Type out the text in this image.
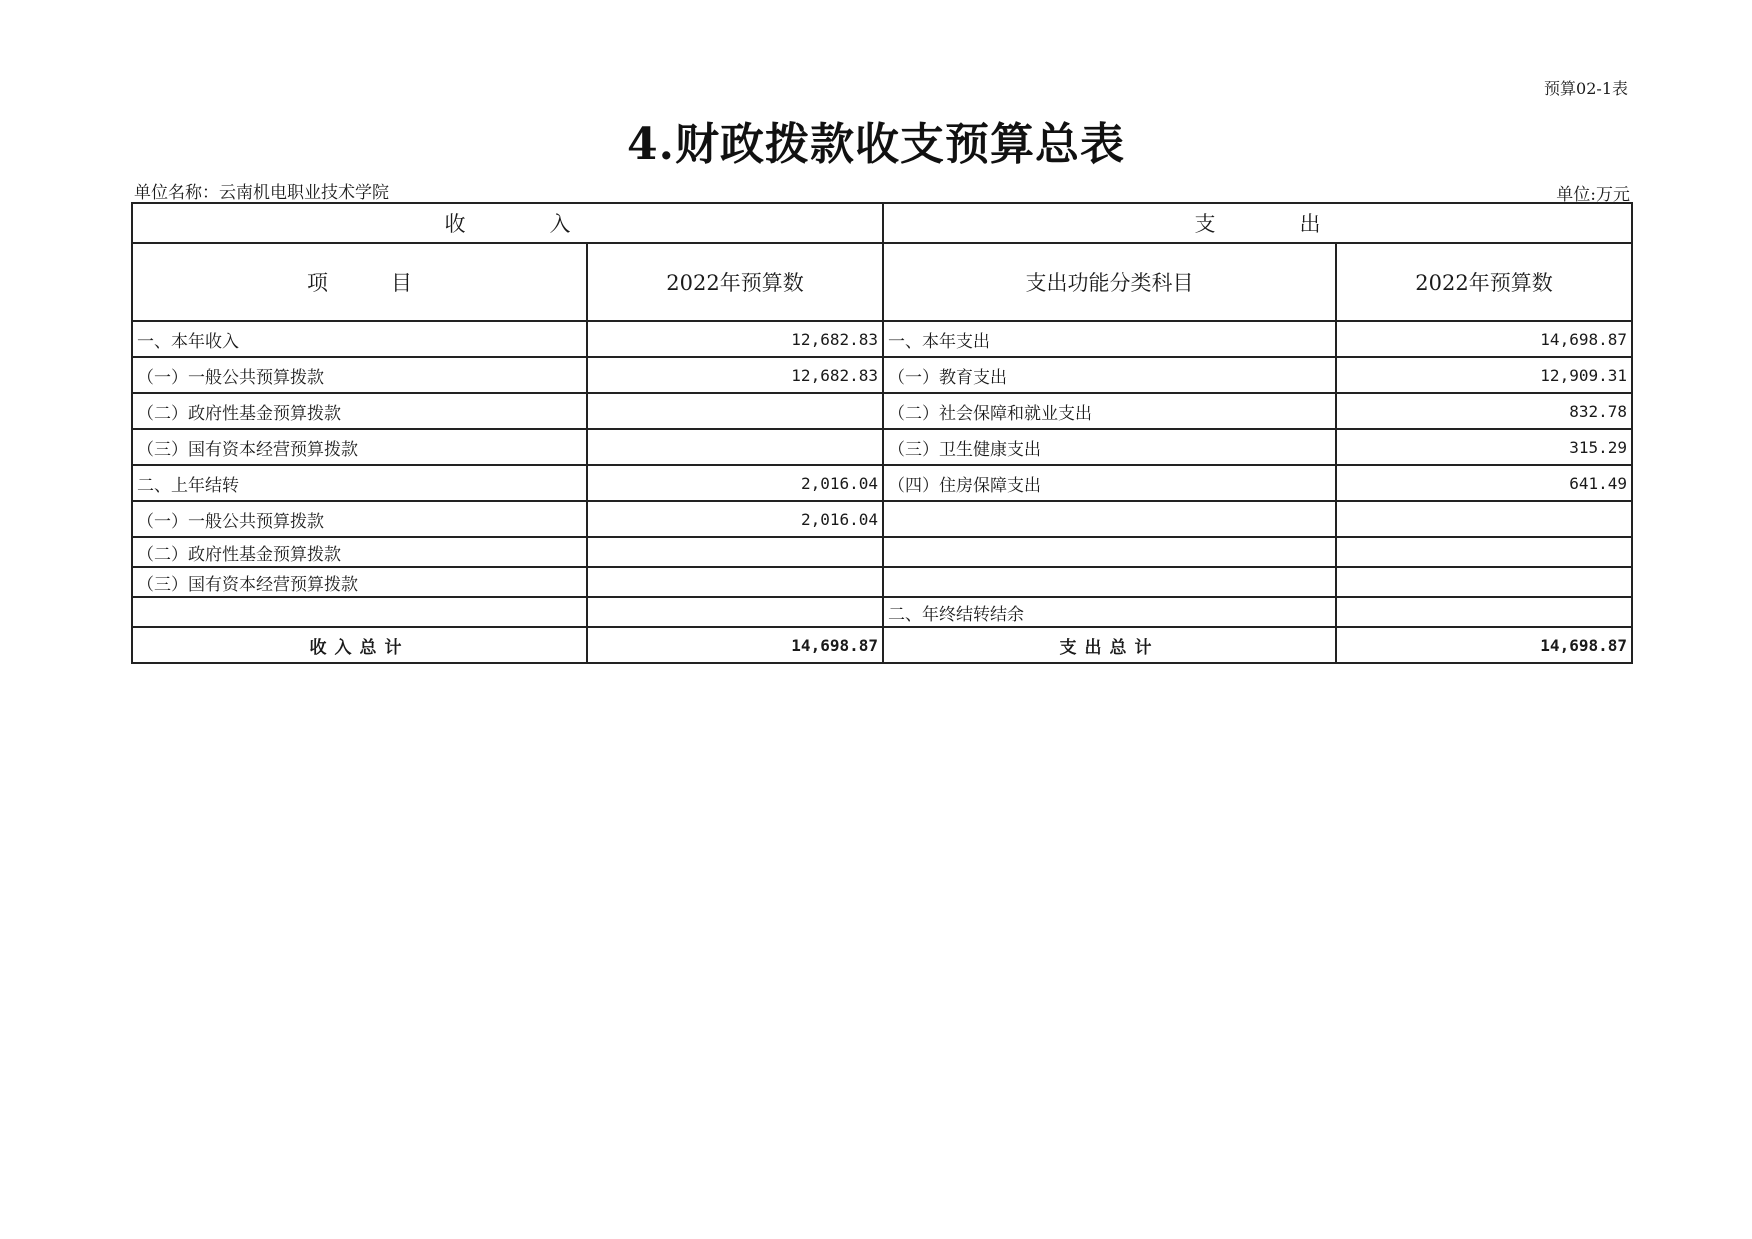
预算02-1表
4.财政拨款收支预算总表
单位名称：云南机电职业技术学院	单位:万元
收　　　　入		支　　　　出	
项　　　目	2022年预算数	支出功能分类科目	2022年预算数
一、本年收入	12,682.83	一、本年支出	14,698.87
（一）一般公共预算拨款	12,682.83	（一）教育支出	12,909.31
（二）政府性基金预算拨款		（二）社会保障和就业支出	832.78
（三）国有资本经营预算拨款		（三）卫生健康支出	315.29
二、上年结转	2,016.04	（四）住房保障支出	641.49
（一）一般公共预算拨款	2,016.04		
（二）政府性基金预算拨款			
（三）国有资本经营预算拨款			
		二、年终结转结余	
收入总计	14,698.87	支出总计	14,698.87
